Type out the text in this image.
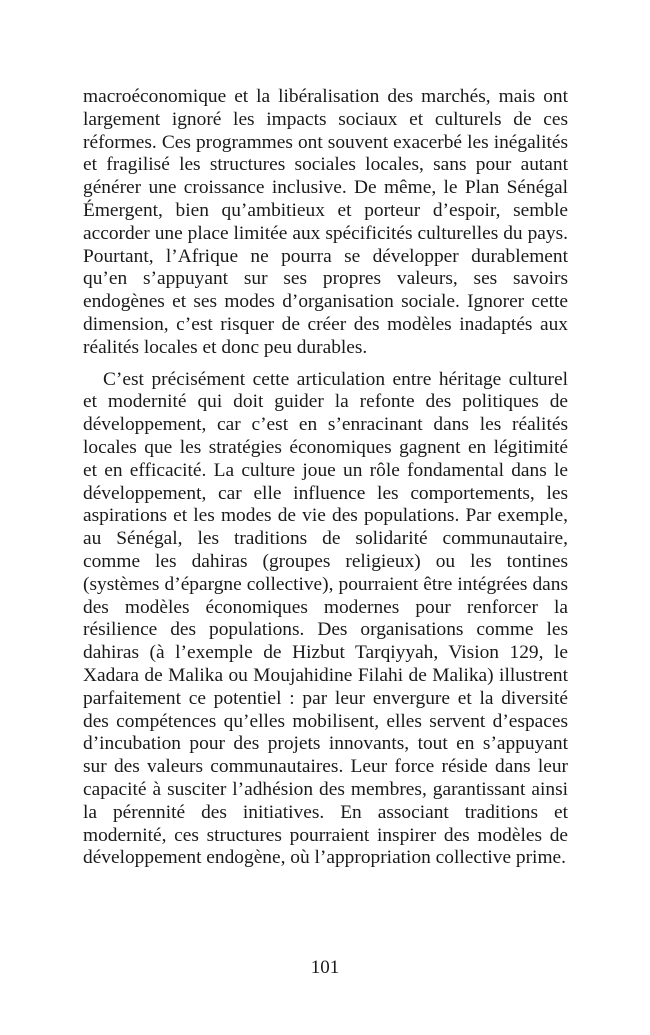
macroéconomique et la libéralisation des marchés, mais ont largement ignoré les impacts sociaux et culturels de ces réformes. Ces programmes ont souvent exacerbé les inégalités et fragilisé les structures sociales locales, sans pour autant générer une croissance inclusive. De même, le Plan Sénégal Émergent, bien qu’ambitieux et porteur d’espoir, semble accorder une place limitée aux spécificités culturelles du pays. Pourtant, l’Afrique ne pourra se développer durablement qu’en s’appuyant sur ses propres valeurs, ses savoirs endogènes et ses modes d’organisation sociale. Ignorer cette dimension, c’est risquer de créer des modèles inadaptés aux réalités locales et donc peu durables.

C’est précisément cette articulation entre héritage culturel et modernité qui doit guider la refonte des politiques de développement, car c’est en s’enracinant dans les réalités locales que les stratégies économiques gagnent en légitimité et en efficacité. La culture joue un rôle fondamental dans le développement, car elle influence les comportements, les aspirations et les modes de vie des populations. Par exemple, au Sénégal, les traditions de solidarité communautaire, comme les dahiras (groupes religieux) ou les tontines (systèmes d’épargne collective), pourraient être intégrées dans des modèles économiques modernes pour renforcer la résilience des populations. Des organisations comme les dahiras (à l’exemple de Hizbut Tarqiyyah, Vision 129, le Xadara de Malika ou Moujahidine Filahi de Malika) illustrent parfaitement ce potentiel : par leur envergure et la diversité des compétences qu’elles mobilisent, elles servent d’espaces d’incubation pour des projets innovants, tout en s’appuyant sur des valeurs communautaires. Leur force réside dans leur capacité à susciter l’adhésion des membres, garantissant ainsi la pérennité des initiatives. En associant traditions et modernité, ces structures pourraient inspirer des modèles de développement endogène, où l’appropriation collective prime.

101
